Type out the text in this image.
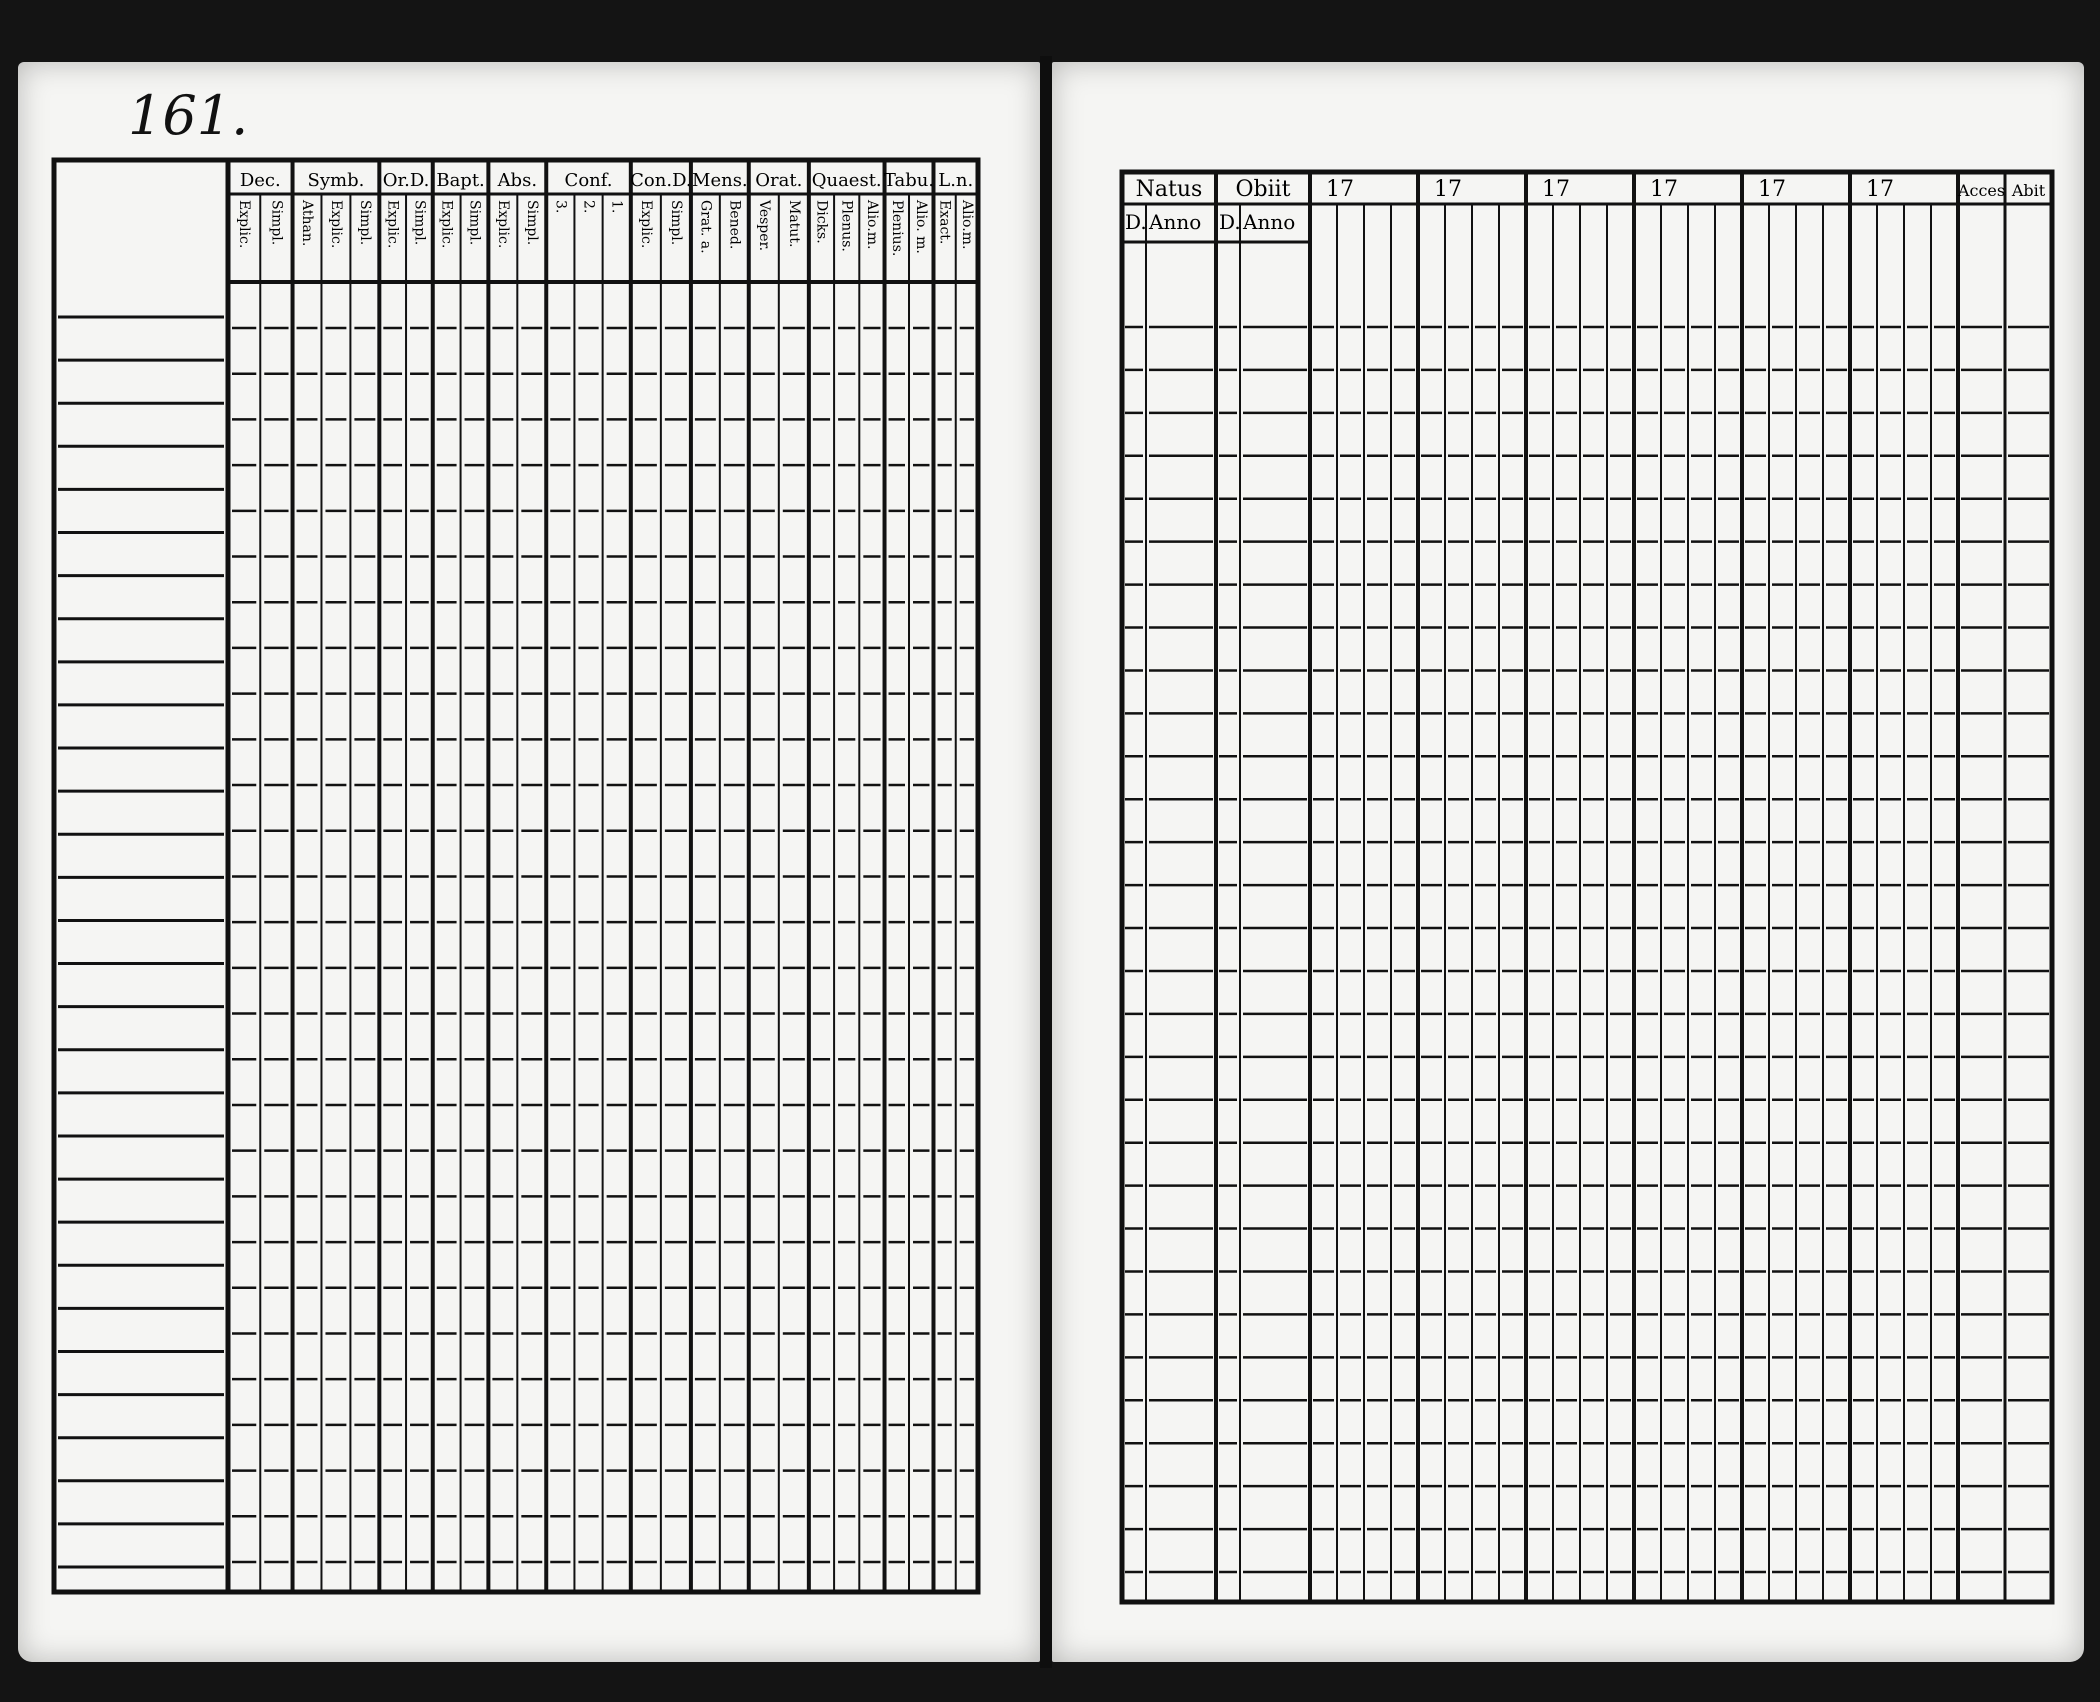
161.
Dec.
Explic. Simpl.
Symb.
Athan. Explic. Simpl.
Or.D.
Explic. Simpl.
Bapt.
Explic. Simpl.
Abs.
Explic. Simpl.
Conf.
3. 2. 1.
Con.D.
Explic. Simpl.
Mens.
Grat. a. Bened.
Orat.
Vesper. Matut.
Quaest.
Dicks. Plenus. Alio.m.
Tabu.
Plenius. Alio. m.
L.n.
Exact. Alio.m.
Natus
D. Anno
Obiit
D. Anno
17	17	17	17	17	17	Acces Abit
